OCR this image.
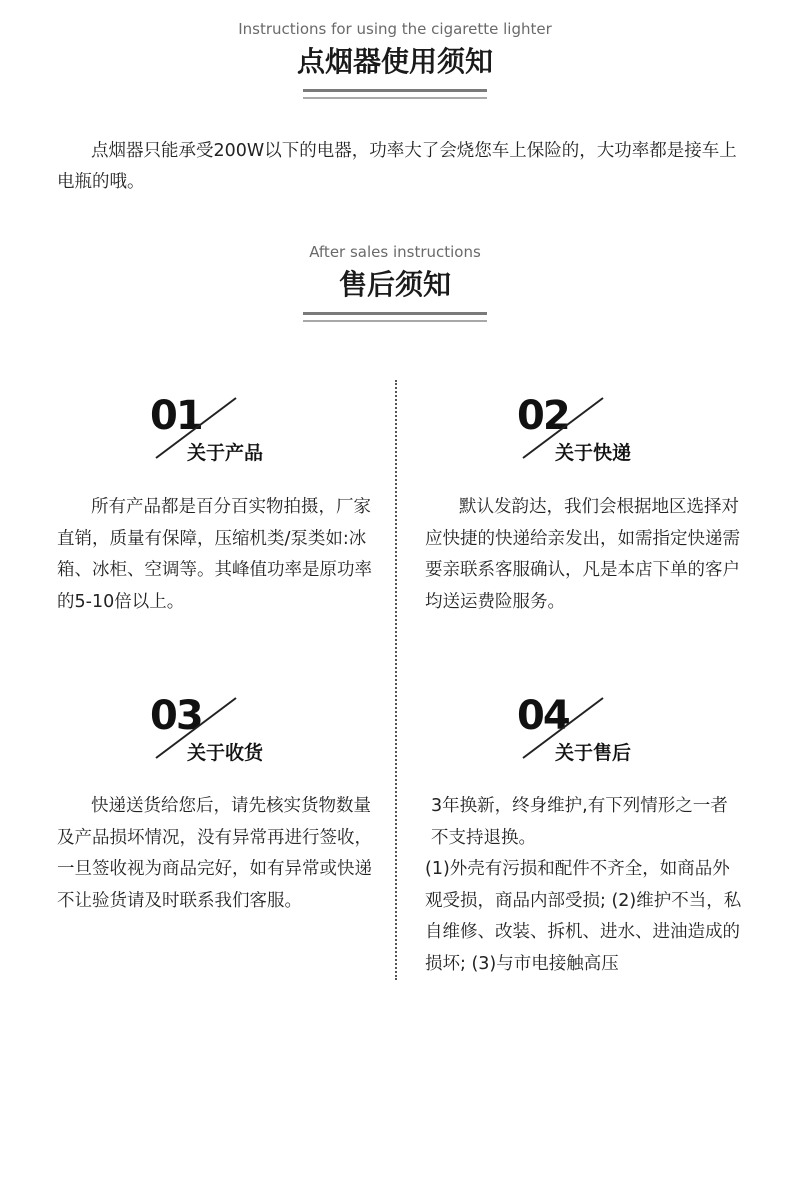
Instructions for using the cigarette lighter
点烟器使用须知

点烟器只能承受200W以下的电器，功率大了会烧您车上保险的，大功率都是接车上电瓶的哦。

After sales instructions
售后须知
01
关于产品

所有产品都是百分百实物拍摄，厂家直销，质量有保障，压缩机类/泵类如:冰箱、冰柜、空调等。其峰值功率是原功率的5-10倍以上。

02
关于快递

默认发韵达，我们会根据地区选择对应快捷的快递给亲发出，如需指定快递需要亲联系客服确认，凡是本店下单的客户均送运费险服务。

03
关于收货

快递送货给您后，请先核实货物数量及产品损坏情况，没有异常再进行签收，一旦签收视为商品完好，如有异常或快递不让验货请及时联系我们客服。

04
关于售后

3年换新，终身维护,有下列情形之一者不支持退换。
(1)外壳有污损和配件不齐全，如商品外观受损，商品内部受损; (2)维护不当，私自维修、改装、拆机、进水、进油造成的损坏; (3)与市电接触高压
